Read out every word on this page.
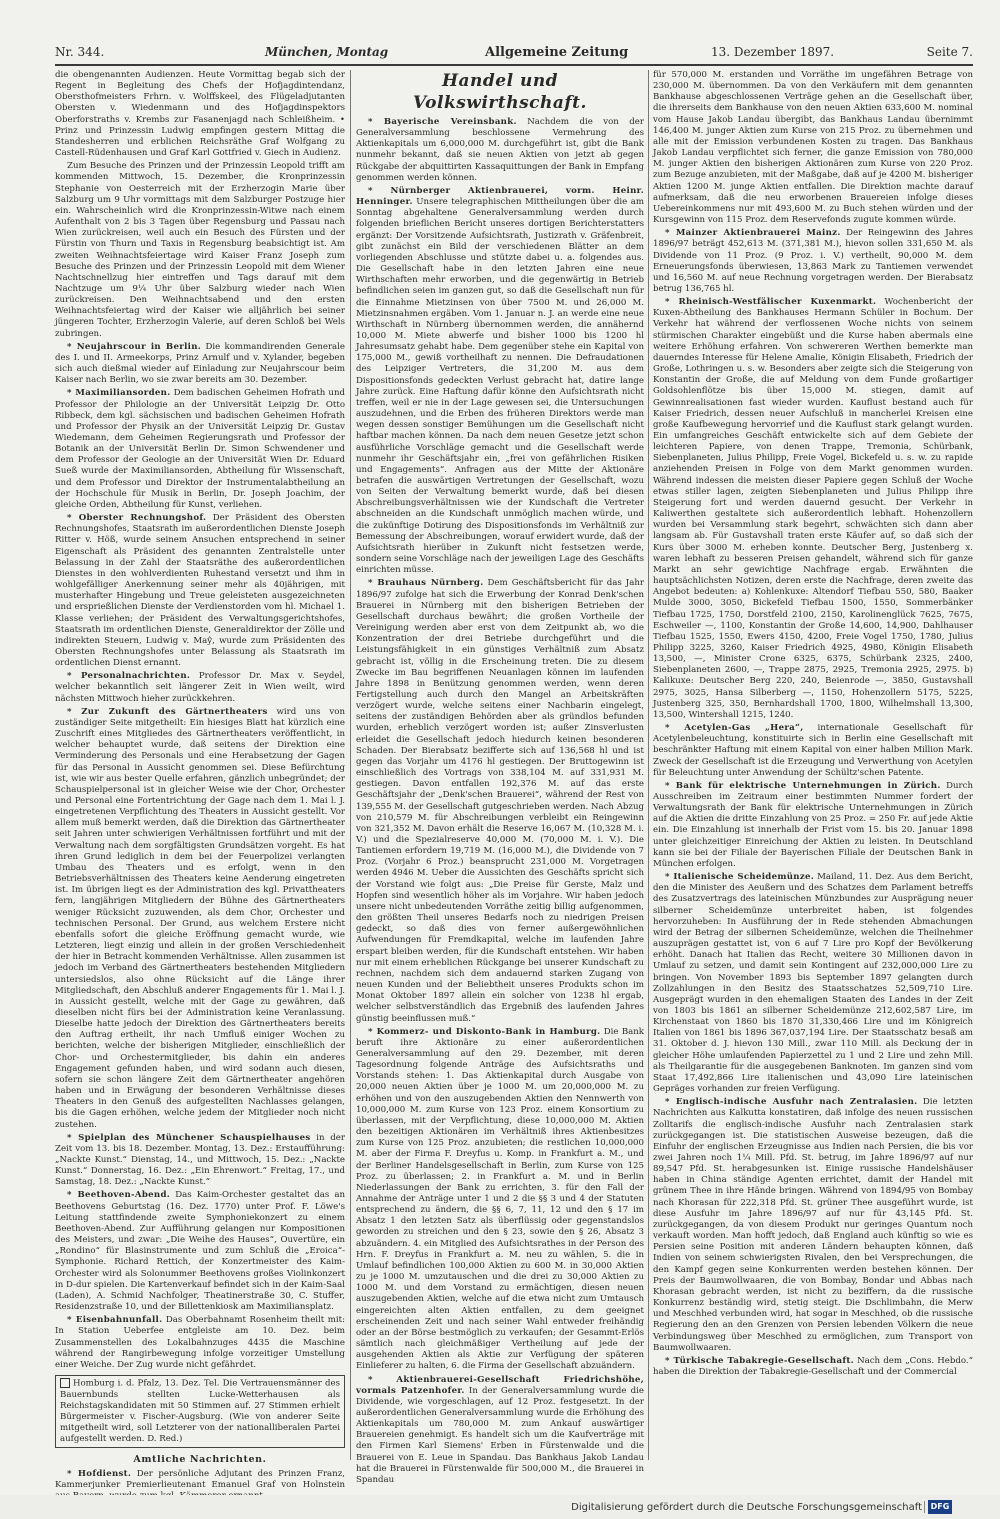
Nr. 344.	München, Montag	Allgemeine Zeitung	13. Dezember 1897.	Seite 7.

die obengenannten Audienzen. Heute Vormittag begab sich der Regent in Begleitung des Chefs der Hofjagdintendanz, Obersthofmeisters Frhrn. v. Wolffskeel, des Flügeladjutanten Obersten v. Wiedenmann und des Hofjagdinspektors Oberforstraths v. Krembs zur Fasanenjagd nach Schleißheim. • Prinz und Prinzessin Ludwig empfingen gestern Mittag die Standesherren und erblichen Reichsräthe Graf Wolfgang zu Castell-Rüdenhausen und Graf Karl Gottfried v. Giech in Audienz.

Zum Besuche des Prinzen und der Prinzessin Leopold trifft am kommenden Mittwoch, 15. Dezember, die Kronprinzessin Stephanie von Oesterreich mit der Erzherzogin Marie über Salzburg um 9 Uhr vormittags mit dem Salzburger Postzuge hier ein. Wahrscheinlich wird die Kronprinzessin-Witwe nach einem Aufenthalt von 2 bis 3 Tagen über Regensburg und Passau nach Wien zurückreisen, weil auch ein Besuch des Fürsten und der Fürstin von Thurn und Taxis in Regensburg beabsichtigt ist. Am zweiten Weihnachtsfeiertage wird Kaiser Franz Joseph zum Besuche des Prinzen und der Prinzessin Leopold mit dem Wiener Nachtschnellzug hier eintreffen und Tags darauf mit dem Nachtzuge um 9¼ Uhr über Salzburg wieder nach Wien zurückreisen. Den Weihnachtsabend und den ersten Weihnachtsfeiertag wird der Kaiser wie alljährlich bei seiner jüngeren Tochter, Erzherzogin Valerie, auf deren Schloß bei Wels zubringen.

* Neujahrscour in Berlin. Die kommandirenden Generale des I. und II. Armeekorps, Prinz Arnulf und v. Xylander, begeben sich auch dießmal wieder auf Einladung zur Neujahrscour beim Kaiser nach Berlin, wo sie zwar bereits am 30. Dezember.

* Maximiliansorden. Dem badischen Geheimen Hofrath und Professor der Philologie an der Universität Leipzig Dr. Otto Ribbeck, dem kgl. sächsischen und badischen Geheimen Hofrath und Professor der Physik an der Universität Leipzig Dr. Gustav Wiedemann, dem Geheimen Regierungsrath und Professor der Botanik an der Universität Berlin Dr. Simon Schwendener und dem Professor der Geologie an der Universität Wien Dr. Eduard Sueß wurde der Maximiliansorden, Abtheilung für Wissenschaft, und dem Professor und Direktor der Instrumentalabtheilung an der Hochschule für Musik in Berlin, Dr. Joseph Joachim, der gleiche Orden, Abtheilung für Kunst, verliehen.

* Oberster Rechnungshof. Der Präsident des Obersten Rechnungshofes, Staatsrath im außerordentlichen Dienste Joseph Ritter v. Höß, wurde seinem Ansuchen entsprechend in seiner Eigenschaft als Präsident des genannten Zentralstelle unter Belassung in der Zahl der Staatsräthe des außerordentlichen Dienstes in den wohlverdienten Ruhestand versetzt und ihm in wohlgefälliger Anerkennung seiner mehr als 40jährigen, mit musterhafter Hingebung und Treue geleisteten ausgezeichneten und ersprießlichen Dienste der Verdienstorden vom hl. Michael 1. Klasse verliehen; der Präsident des Verwaltungsgerichtshofes, Staatsrath im ordentlichen Dienste, Generaldirektor der Zölle und indirekten Steuern, Ludwig v. Maŷ, wurde zum Präsidenten des Obersten Rechnungshofes unter Belassung als Staatsrath im ordentlichen Dienst ernannt.

* Personalnachrichten. Professor Dr. Max v. Seydel, welcher bekanntlich seit längerer Zeit in Wien weilt, wird nächsten Mittwoch hieher zurückkehren.

* Zur Zukunft des Gärtnertheaters wird uns von zuständiger Seite mitgetheilt: Ein hiesiges Blatt hat kürzlich eine Zuschrift eines Mitgliedes des Gärtnertheaters veröffentlicht, in welcher behauptet wurde, daß seitens der Direktion eine Verminderung des Personals und eine Herabsetzung der Gagen für das Personal in Aussicht genommen sei. Diese Befürchtung ist, wie wir aus bester Quelle erfahren, gänzlich unbegründet; der Schauspielpersonal ist in gleicher Weise wie der Chor, Orchester und Personal eine Fortentrichtung der Gage nach dem 1. Mai l. J. eingetretenen Verpflichtung des Theaters in Aussicht gestellt. Vor allem muß bemerkt werden, daß die Direktion das Gärtnertheater seit Jahren unter schwierigen Verhältnissen fortführt und mit der Verwaltung nach dem sorgfältigsten Grundsätzen vorgeht. Es hat ihren Grund lediglich in dem bei der Feuerpolizei verlangten Umbau des Theaters und es erfolgt, wenn in den Betriebsverhältnissen des Theaters keine Aenderung eingetreten ist. Im übrigen liegt es der Administration des kgl. Privattheaters fern, langjährigen Mitgliedern der Bühne des Gärtnertheaters weniger Rücksicht zuzuwenden, als dem Chor, Orchester und technischen Personal. Der Grund, aus welchem Erstere nicht ebenfalls sofort die gleiche Eröffnung gemacht wurde, wie Letzteren, liegt einzig und allein in der großen Verschiedenheit der hier in Betracht kommenden Verhältnisse. Allen zusammen ist jedoch im Verband des Gärtnertheaters bestehenden Mitgliedern untersiedslos, also ohne Rücksicht auf die Länge ihrer Mitgliedschaft, den Abschluß anderer Engagements für 1. Mai l. J. in Aussicht gestellt, welche mit der Gage zu gewähren, daß dieselben nicht fürs bei der Administration keine Veranlassung. Dieselbe hatte jedoch der Direktion des Gärtnertheaters bereits den Auftrag ertheilt, ihr nach Umfluß einiger Wochen zu berichten, welche der bisherigen Mitglieder, einschließlich der Chor- und Orchestermitglieder, bis dahin ein anderes Engagement gefunden haben, und wird sodann auch diesen, sofern sie schon längere Zeit dem Gärtnertheater angehören haben und in Erwägung der besonderen Verhältnisse dieses Theaters in den Genuß des aufgestellten Nachlasses gelangen, bis die Gagen erhöhen, welche jedem der Mitglieder noch nicht zustehen.

* Spielplan des Münchener Schauspielhauses in der Zeit vom 13. bis 18. Dezember. Montag, 13. Dez.: Erstaufführung: „Nackte Kunst.“ Dienstag, 14., und Mittwoch, 15. Dez.: „Nackte Kunst.“ Donnerstag, 16. Dez.: „Ein Ehrenwort.“ Freitag, 17., und Samstag, 18. Dez.: „Nackte Kunst.“

* Beethoven-Abend. Das Kaim-Orchester gestaltet das an Beethovens Geburtstag (16. Dez. 1770) unter Prof. F. Löwe's Leitung stattfindende zweite Symphoniekonzert zu einem Beethoven-Abend. Zur Aufführung gelangen nur Kompositionen des Meisters, und zwar: „Die Weihe des Hauses“, Ouvertüre, ein „Rondino“ für Blasinstrumente und zum Schluß die „Eroica“-Symphonie. Richard Rettich, der Konzertmeister des Kaim-Orchester wird als Solonummer Beethovens großes Violinkonzert in D-dur spielen. Die Kartenverkauf befindet sich in der Kaim-Saal (Laden), A. Schmid Nachfolger, Theatinerstraße 30, C. Stuffer, Residenzstraße 10, und der Billettenkiosk am Maximiliansplatz.

* Eisenbahnunfall. Das Oberbahnamt Rosenheim theilt mit: In Station Ueberfee entgleiste am 10. Dez. beim Zusammenstellen des Lokalbahnzuges 4435 die Maschine während der Rangirbewegung infolge vorzeitiger Umstellung einer Weiche. Der Zug wurde nicht gefährdet.

Homburg i. d. Pfalz, 13. Dez. Tel. Die Vertrauensmänner des Bauernbunds stellten Lucke-Wetterhausen als Reichstagskandidaten mit 50 Stimmen auf. 27 Stimmen erhielt Bürgermeister v. Fischer-Augsburg. (Wie von anderer Seite mitgetheilt wird, soll Letzterer von der nationalliberalen Partei aufgestellt werden. D. Red.)
Amtliche Nachrichten.

* Hofdienst. Der persönliche Adjutant des Prinzen Franz, Kammerjunker Premierlieutenant Emanuel Graf von Holnstein

Handel und Volkswirthschaft.

* Bayerische Vereinsbank. Nachdem die von der Generalversammlung beschlossene Vermehrung des Aktienkapitals um 6,000,000 M. durchgeführt ist, gibt die Bank nunmehr bekannt, daß sie neuen Aktien von jetzt ab gegen Rückgabe der abquittirten Kassaquittungen der Bank in Empfang genommen werden können.

* Nürnberger Aktienbrauerei, vorm. Heinr. Henninger. Unsere telegraphischen Mittheilungen über die am Sonntag abgehaltene Generalversammlung werden durch folgenden brieflichen Bericht unseres dortigen Berichterstatters ergänzt: Der Vorsitzende Aufsichtsrath, Justizrath v. Gräfenbreit, gibt zunächst ein Bild der verschiedenen Blätter an dem vorliegenden Abschlusse und stützte dabei u. a. folgendes aus. Die Gesellschaft habe in den letzten Jahren eine neue Wirthschaften mehr erworben, und die gegenwärtig in Betrieb befindlichen seien im ganzen gut, so daß die Gesellschaft nun für die Einnahme Mietzinsen von über 7500 M. und 26,000 M. Mietzinsnahmen ergäben. Vom 1. Januar n. J. an werde eine neue Wirthschaft in Nürnberg übernommen werden, die annähernd 10,000 M. Miete abwerfe und bisher 1000 bis 1200 hl Jahresumsatz gehabt habe. Dem gegenüber stehe ein Kapital von 175,000 M., gewiß vortheilhaft zu nennen. Die Defraudationen des Leipziger Vertreters, die 31,200 M. aus dem Dispositionsfonds gedeckten Verlust gebracht hat, datire lange Jahre zurück. Eine Haftung dafür könne den Aufsichtsrath nicht treffen, weil er nie in der Lage gewesen sei, die Untersuchungen auszudehnen, und die Erben des früheren Direktors werde man wegen dessen sonstiger Bemühungen um die Gesellschaft nicht haftbar machen können. Da nach dem neuen Gesetze jetzt schon ausführliche Vorschläge gemacht und die Gesellschaft werde nunmehr ihr Geschäftsjahr ein, „frei von gefährlichen Risiken und Engagements“. Anfragen aus der Mitte der Aktionäre betrafen die auswärtigen Vertretungen der Gesellschaft, wozu von Seiten der Verwaltung bemerkt wurde, daß bei diesen Abschreibungsverhältnissen wie der Kundschaft die Vertreter abschneiden an die Kundschaft unmöglich machen würde, und die zukünftige Dotirung des Dispositionsfonds im Verhältniß zur Bemessung der Abschreibungen, worauf erwidert wurde, daß der Aufsichtsrath hierüber in Zukunft nicht festsetzen werde, sondern seine Vorschläge nach der jeweiligen Lage des Geschäfts einrichten müsse.

* Brauhaus Nürnberg. Dem Geschäftsbericht für das Jahr 1896/97 zufolge hat sich die Erwerbung der Konrad Denk'schen Brauerei in Nürnberg mit den bisherigen Betrieben der Gesellschaft durchaus bewährt; die großen Vortheile der Vereinigung werden aber erst von dem Zeitpunkt ab, wo die Konzentration der drei Betriebe durchgeführt und die Leistungsfähigkeit in ein günstiges Verhältniß zum Absatz gebracht ist, völlig in die Erscheinung treten. Die zu diesem Zwecke im Bau begriffenen Neuanlagen können im laufenden Jahre 1898 in Benützung genommen werden, wenn deren Fertigstellung auch durch den Mangel an Arbeitskräften verzögert wurde, welche seitens einer Nachbarin eingelegt, seitens der zuständigen Behörden aber als gründlos befunden wurden, erheblich verzögert worden ist; außer Zinsverlusten erleidet die Gesellschaft jedoch hiedurch keinen besonderen Schaden. Der Bierabsatz bezifferte sich auf 136,568 hl und ist gegen das Vorjahr um 4176 hl gestiegen. Der Bruttogewinn ist einschließlich des Vortrags von 338,104 M. auf 331,931 M. gestiegen. Davon entfallen 192,376 M. auf das erste Geschäftsjahr der „Denk'schen Brauerei“, während der Rest von 139,555 M. der Gesellschaft gutgeschrieben werden. Nach Abzug von 210,579 M. für Abschreibungen verbleibt ein Reingewinn von 321,352 M. Davon erhält die Reserve 16,067 M. (10,328 M. i. V.) und die Spezialreserve 40,000 M. (70,000 M. i. V.). Die Tantiemen erfordern 19,719 M. (16,000 M.), die Dividende von 7 Proz. (Vorjahr 6 Proz.) beansprucht 231,000 M. Vorgetragen werden 4946 M. Ueber die Aussichten des Geschäfts spricht sich der Vorstand wie folgt aus: „Die Preise für Gerste, Malz und Hopfen sind wesentlich höher als im Vorjahre. Wir haben jedoch unsere nicht unbedeutenden Vorräthe zeitig billig aufgenommen, den größten Theil unseres Bedarfs noch zu niedrigen Preisen gedeckt, so daß dies von ferner außergewöhnlichen Aufwendungen für Fremdkapital, welche im laufenden Jahre erspart bleiben werden, für die Kundschaft entstehen. Wir haben nur mit einem erheblichen Rückgange bei unserer Kundschaft zu rechnen, nachdem sich dem andauernd starken Zugang von neuen Kunden und der Beliebtheit unseres Produkts schon im Monat Oktober 1897 allein ein solcher von 1238 hl ergab, welcher selbstverständlich das Ergebniß des laufenden Jahres günstig beeinflussen muß.“

* Kommerz- und Diskonto-Bank in Hamburg. Die Bank beruft ihre Aktionäre zu einer außerordentlichen Generalversammlung auf den 29. Dezember, mit deren Tagesordnung folgende Anträge des Aufsichtsraths und Vorstands stehen: 1. Das Aktienkapital durch Ausgabe von 20,000 neuen Aktien über je 1000 M. um 20,000,000 M. zu erhöhen und von den auszugebenden Aktien den Nennwerth von 10,000,000 M. zum Kurse von 123 Proz. einem Konsortium zu überlassen, mit der Verpflichtung, diese 10,000,000 M. Aktien den bezeitigen Aktionären im Verhältniß ihres Aktienbesitzes zum Kurse von 125 Proz. anzubieten; die restlichen 10,000,000 M. aber der Firma F. Dreyfus u. Komp. in Frankfurt a. M., und der Berliner Handelsgesellschaft in Berlin, zum Kurse von 125 Proz. zu überlassen; 2. in Frankfurt a. M. und in Berlin Niederlassungen der Bank zu errichten, 3. für den Fall der Annahme der Anträge unter 1 und 2 die §§ 3 und 4 der Statuten entsprechend zu ändern, die §§ 6, 7, 11, 12 und den § 17 im Absatz 1 den letzten Satz als überflüssig oder gegenstandslos geworden zu streichen und den § 23, sowie den § 26, Absatz 3 abzuändern. 4. ein Mitglied des Aufsichtsrathes in der Person des Hrn. F. Dreyfus in Frankfurt a. M. neu zu wählen, 5. die in Umlauf befindlichen 100,000 Aktien zu 600 M. in 30,000 Aktien zu je 1000 M. umzutauschen und die drei zu 30,000 Aktien zu 1000 M. und dem Vorstand zu ermächtigen, diesen neuen auszugebenden Aktien, welche auf die etwa nicht zum Umtausch eingereichten alten Aktien entfallen, zu dem geeignet erscheinenden Zeit und nach seiner Wahl entweder freihändig oder an der Börse bestmöglich zu verkaufen; der Gesammt-Erlös sämtlich nach gleichmäßiger Vertheilung auf jede der ausgehenden Aktien als Aktie zur Verfügung der späteren Einlieferer zu halten, 6. die Firma der Gesellschaft abzuändern.

* Aktienbrauerei-Gesellschaft Friedrichshöhe, vormals Patzenhofer. In der Generalversammlung wurde die Dividende, wie vorgeschlagen, auf 12 Proz. festgesetzt. In der außerordentlichen Generalversammlung wurde die Erhöhung des Aktienkapitals um 780,000 M. zum Ankauf auswärtiger Brauereien genehmigt. Es handelt sich um die Kaufverträge mit den Firmen Karl Siemens' Erben in Fürstenwalde und die Brauerei von E. Leue in Spandau. Das Bankhaus Jakob Landau hat die Brauerei in Fürstenwalde für 500,000 M., die Brauerei in Spandau

für 570,000 M. erstanden und Vorräthe im ungefähren Betrage von 230,000 M. übernommen. Da von den Verkäufern mit dem genannten Bankhause abgeschlossenen Verträge gehen an die Gesellschaft über, die ihrerseits dem Bankhause von den neuen Aktien 633,600 M. nominal vom Hause Jakob Landau übergibt, das Bankhaus Landau übernimmt 146,400 M. junger Aktien zum Kurse von 215 Proz. zu übernehmen und alle mit der Emission verbundenen Kosten zu tragen. Das Bankhaus Jakob Landau verpflichtet sich ferner, die ganze Emission von 780,000 M. junger Aktien den bisherigen Aktionären zum Kurse von 220 Proz. zum Bezuge anzubieten, mit der Maßgabe, daß auf je 4200 M. bisheriger Aktien 1200 M. junge Aktien entfallen. Die Direktion machte darauf aufmerksam, daß die neu erworbenen Brauereien infolge dieses Uebereinkommens nur mit 493,600 M. zu Buch stehen würden und der Kursgewinn von 115 Proz. dem Reservefonds zugute kommen würde.

* Mainzer Aktienbrauerei Mainz. Der Reingewinn des Jahres 1896/97 beträgt 452,613 M. (371,381 M.), hievon sollen 331,650 M. als Dividende von 11 Proz. (9 Proz. i. V.) vertheilt, 90,000 M. dem Erneuerungsfonds überwiesen, 13,863 Mark zu Tantiemen verwendet und 16,560 M. auf neue Rechnung vorgetragen werden. Der Bierabsatz betrug 136,765 hl.

* Rheinisch-Westfälischer Kuxenmarkt. Wochenbericht der Kuxen-Abtheilung des Bankhauses Hermann Schüler in Bochum. Der Verkehr hat während der verflossenen Woche nichts von seinem stürmischen Charakter eingebüßt und die Kurse haben abermals eine weitere Erhöhung erfahren. Von schwereren Werthen bemerkte man dauerndes Interesse für Helene Amalie, Königin Elisabeth, Friedrich der Große, Lothringen u. s. w. Besonders aber zeigte sich die Steigerung von Konstantin der Große, die auf Meldung von dem Funde großartiger Goldsohlenflötze bis über 15,000 M. stiegen, damit auf Gewinnrealisationen fast wieder wurden. Kauflust bestand auch für Kaiser Friedrich, dessen neuer Aufschluß in mancherlei Kreisen eine große Kaufbewegung hervorrief und die Kauflust stark gelangt wurden. Ein umfangreiches Geschäft entwickelte sich auf dem Gebiete der leichteren Papiere, von denen Trappe, Tremonia, Schürbank, Siebenplaneten, Julius Philipp, Freie Vogel, Bickefeld u. s. w. zu rapide anziehenden Preisen in Folge von dem Markt genommen wurden. Während indessen die meisten dieser Papiere gegen Schluß der Woche etwas stiller lagen, zeigten Siebenplaneten und Julius Philipp ihre Steigerung fort und werden dauernd gesucht. Der Verkehr in Kaliwerthen gestaltete sich außerordentlich lebhaft. Hohenzollern wurden bei Versammlung stark begehrt, schwächten sich dann aber langsam ab. Für Gustavshall traten erste Käufer auf, so daß sich der Kurs über 3000 M. erheben konnte. Deutscher Berg, Justenberg x. waren lebhaft zu besseren Preisen gehandelt, während sich für ganze Markt an sehr gewichtige Nachfrage ergab. Erwähnten die hauptsächlichsten Notizen, deren erste die Nachfrage, deren zweite das Angebot bedeuten: a) Kohlenkuxe: Altendorf Tiefbau 550, 580, Baaker Mulde 3000, 3050, Bickefeld Tiefbau 1500, 1550, Sommerbänker Tiefbau 1725, 1750, Dorstfeld 2100, 2150, Karolinenglück 7625, 7675, Eschweiler —, 1100, Konstantin der Große 14,600, 14,900, Dahlhauser Tiefbau 1525, 1550, Ewers 4150, 4200, Freie Vogel 1750, 1780, Julius Philipp 3225, 3260, Kaiser Friedrich 4925, 4980, Königin Elisabeth 13,500, —, Minister Crone 6325, 6375, Schürbank 2325, 2400, Siebenplaneten 2600, —, Trappe 2875, 2925, Tremonia 2925, 2975. b) Kalikuxe: Deutscher Berg 220, 240, Beienrode —, 3850, Gustavshall 2975, 3025, Hansa Silberberg —, 1150, Hohenzollern 5175, 5225, Justenberg 325, 350, Bernhardshall 1700, 1800, Wilhelmshall 13,300, 13,500, Wintershall 1215, 1240.

* Acetylen-Gas „Hera“, internationale Gesellschaft für Acetylenbeleuchtung, konstituirte sich in Berlin eine Gesellschaft mit beschränkter Haftung mit einem Kapital von einer halben Million Mark. Zweck der Gesellschaft ist die Erzeugung und Verwerthung von Acetylen für Beleuchtung unter Anwendung der Schültz'schen Patente.

* Bank für elektrische Unternehmungen in Zürich. Durch Ausschreiben im Zeitraum einer bestimmten Nummer fordert der Verwaltungsrath der Bank für elektrische Unternehmungen in Zürich auf die Aktien die dritte Einzahlung von 25 Proz. = 250 Fr. auf jede Aktie ein. Die Einzahlung ist innerhalb der Frist vom 15. bis 20. Januar 1898 unter gleichzeitiger Einreichung der Aktien zu leisten. In Deutschland kann sie bei der Filiale der Bayerischen Filiale der Deutschen Bank in München erfolgen.

* Italienische Scheidemünze. Mailand, 11. Dez. Aus dem Bericht, den die Minister des Aeußern und des Schatzes dem Parlament betreffs des Zusatzvertrags des lateinischen Münzbundes zur Ausprägung neuer silberner Scheidemünze unterbreitet haben, ist folgendes hervorzuheben: In Ausführung der in Rede stehenden Abmachungen wird der Betrag der silbernen Scheidemünze, welchen die Theilnehmer auszuprägen gestattet ist, von 6 auf 7 Lire pro Kopf der Bevölkerung erhöht. Danach hat Italien das Recht, weitere 30 Millionen davon in Umlauf zu setzen, und damit sein Kontingent auf 232,000,000 Lire zu bringen. Von November 1893 bis September 1897 gelangten durch Zollzahlungen in den Besitz des Staatsschatzes 52,509,710 Lire. Ausgeprägt wurden in den ehemaligen Staaten des Landes in der Zeit von 1803 bis 1861 an silberner Scheidemünze 212,602,587 Lire, im Kirchenstaat von 1860 bis 1870 31,330,466 Lire und im Königreich Italien von 1861 bis 1896 367,037,194 Lire. Der Staatsschatz besaß am 31. Oktober d. J. hievon 130 Mill., zwar 110 Mill. als Deckung der in gleicher Höhe umlaufenden Papierzettel zu 1 und 2 Lire und zehn Mill. als Theilgarantie für die ausgegebenen Banknoten. Im ganzen sind vom Staat 17,492,866 Lire italienischen und 43,090 Lire lateinischen Gepräges vorhanden zur freien Verfügung.

* Englisch-indische Ausfuhr nach Zentralasien. Die letzten Nachrichten aus Kalkutta konstatiren, daß infolge des neuen russischen Zolltarifs die englisch-indische Ausfuhr nach Zentralasien stark zurückgegangen ist. Die statistischen Ausweise bezeugen, daß die Einfuhr der englischen Erzeugnisse aus Indien nach Persien, die bis vor zwei Jahren noch 1¼ Mill. Pfd. St. betrug, im Jahre 1896/97 auf nur 89,547 Pfd. St. herabgesunken ist. Einige russische Handelshäuser haben in China ständige Agenten errichtet, damit der Handel mit grünem Thee in ihre Hände bringen. Während von 1894/95 von Bombay nach Khorasan für 222,318 Pfd. St. grüner Thee ausgeführt wurde, ist diese Ausfuhr im Jahre 1896/97 auf nur für 43,145 Pfd. St. zurückgegangen, da von diesem Produkt nur geringes Quantum noch verkauft worden. Man hofft jedoch, daß England auch künftig so wie es Persien seine Position mit anderen Ländern behaupten können, daß Indien von seinem schwierigsten Rivalen, den bei Versprechungen, die den Kampf gegen seine Konkurrenten werden bestehen können. Der Preis der Baumwollwaaren, die von Bombay, Bondar und Abbas nach Khorasan gebracht werden, ist nicht zu beziffern, da die russische Konkurrenz beständig wird, stetig steigt. Die Dschlimbahn, die Merw und Meschhed verbunden wird, hat sogar in Meschhed, ob die russische Regierung den an den Grenzen von Persien lebenden Völkern die neue Verbindungsweg über Meschhed zu ermöglichen, zum Transport von Baumwollwaaren.

* Türkische Tabakregie-Gesellschaft. Nach dem „Cons. Hebdo.“ haben die Direktion der Tabakregie-Gesellschaft und der Commercial

Digitalisierung gefördert durch die Deutsche Forschungsgemeinschaft	DFG
